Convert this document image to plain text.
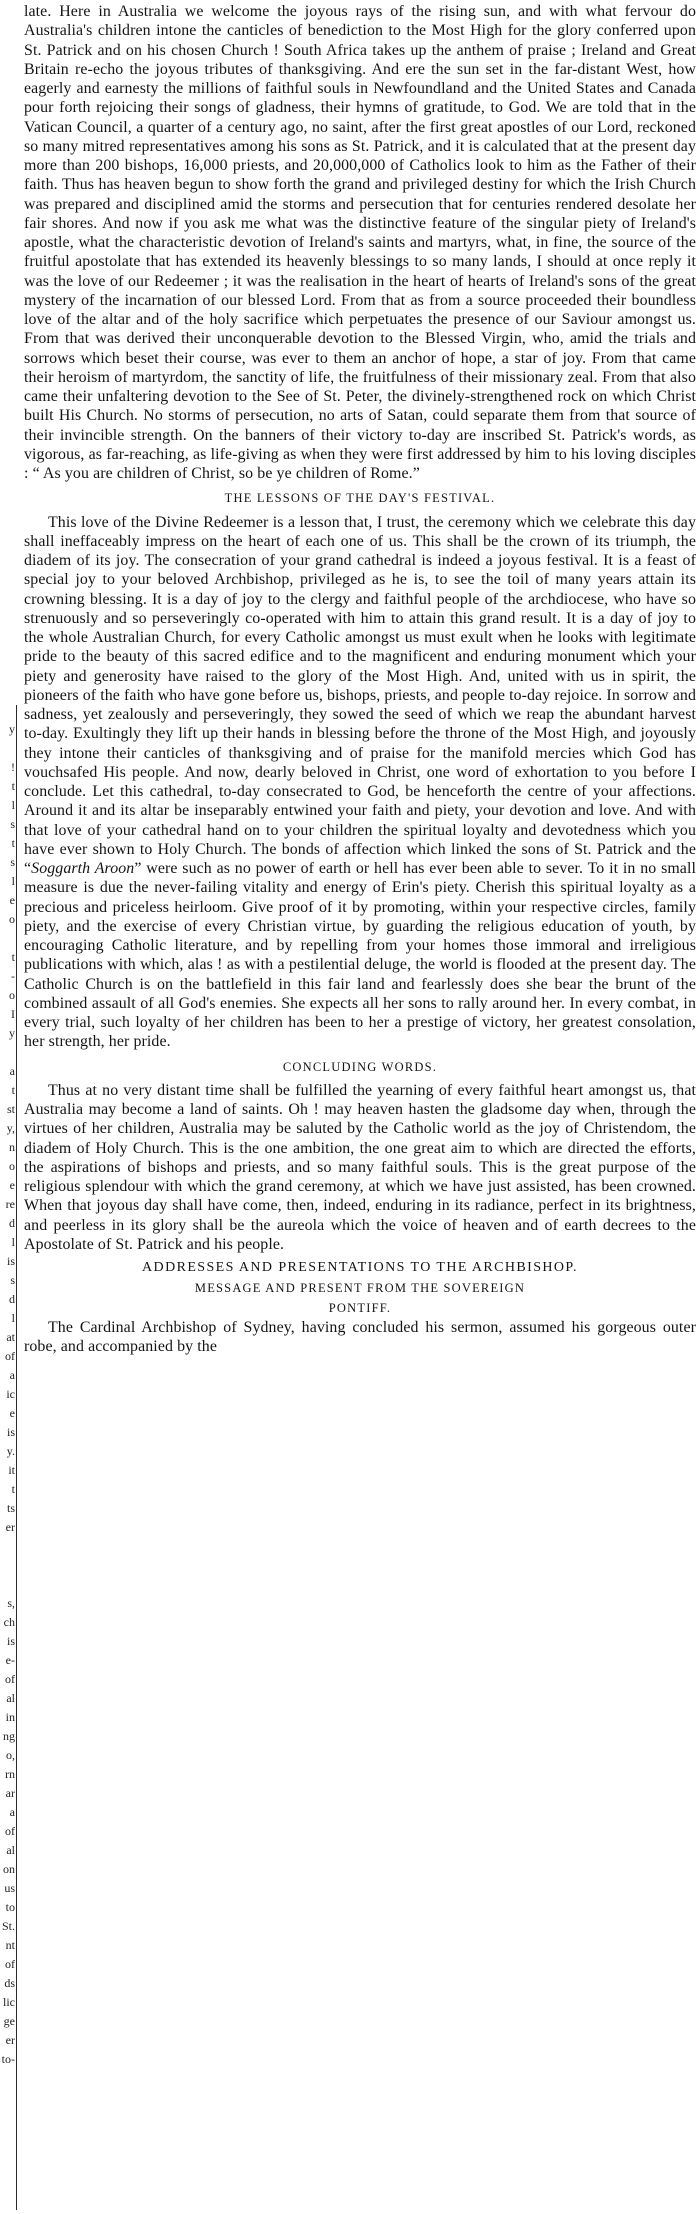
y

!
t
l
s
t
s
l
e
o

t
-
o
I
y

a
t
st
y,
n
o
e
re
d
l
is
s
d
l
at
of
a
ic
e
is
y.
it
t
ts
er

s,
ch
is
e-
of
al
in
ng
o,
rn
ar
a
of
al
on
us
to
St.
nt
of
ds
lic
ge
er
to-

late. Here in Australia we welcome the joyous rays of the rising sun, and with what fervour do Australia's children intone the canticles of benediction to the Most High for the glory conferred upon St. Patrick and on his chosen Church ! South Africa takes up the anthem of praise ; Ireland and Great Britain re-echo the joyous tributes of thanksgiving. And ere the sun set in the far-distant West, how eagerly and earnesty the millions of faithful souls in Newfoundland and the United States and Canada pour forth rejoicing their songs of gladness, their hymns of gratitude, to God. We are told that in the Vatican Council, a quarter of a century ago, no saint, after the first great apostles of our Lord, reckoned so many mitred representatives among his sons as St. Patrick, and it is calculated that at the present day more than 200 bishops, 16,000 priests, and 20,000,000 of Catholics look to him as the Father of their faith. Thus has heaven begun to show forth the grand and privileged destiny for which the Irish Church was prepared and disciplined amid the storms and persecution that for centuries rendered desolate her fair shores. And now if you ask me what was the distinctive feature of the singular piety of Ireland's apostle, what the characteristic devotion of Ireland's saints and martyrs, what, in fine, the source of the fruitful apostolate that has extended its heavenly blessings to so many lands, I should at once reply it was the love of our Redeemer ; it was the realisation in the heart of hearts of Ireland's sons of the great mystery of the incarnation of our blessed Lord. From that as from a source proceeded their boundless love of the altar and of the holy sacrifice which perpetuates the presence of our Saviour amongst us. From that was derived their unconquerable devotion to the Blessed Virgin, who, amid the trials and sorrows which beset their course, was ever to them an anchor of hope, a star of joy. From that came their heroism of martyrdom, the sanctity of life, the fruitfulness of their missionary zeal. From that also came their unfaltering devotion to the See of St. Peter, the divinely-strengthened rock on which Christ built His Church. No storms of persecution, no arts of Satan, could separate them from that source of their invincible strength. On the banners of their victory to-day are inscribed St. Patrick's words, as vigorous, as far-reaching, as life-giving as when they were first addressed by him to his loving disciples : “ As you are children of Christ, so be ye children of Rome.”

THE LESSONS OF THE DAY'S FESTIVAL.

This love of the Divine Redeemer is a lesson that, I trust, the ceremony which we celebrate this day shall ineffaceably impress on the heart of each one of us. This shall be the crown of its triumph, the diadem of its joy. The consecration of your grand cathedral is indeed a joyous festival. It is a feast of special joy to your beloved Archbishop, privileged as he is, to see the toil of many years attain its crowning blessing. It is a day of joy to the clergy and faithful people of the archdiocese, who have so strenuously and so perseveringly co-operated with him to attain this grand result. It is a day of joy to the whole Australian Church, for every Catholic amongst us must exult when he looks with legitimate pride to the beauty of this sacred edifice and to the magnificent and enduring monument which your piety and generosity have raised to the glory of the Most High. And, united with us in spirit, the pioneers of the faith who have gone before us, bishops, priests, and people to-day rejoice. In sorrow and sadness, yet zealously and perseveringly, they sowed the seed of which we reap the abundant harvest to-day. Exultingly they lift up their hands in blessing before the throne of the Most High, and joyously they intone their canticles of thanksgiving and of praise for the manifold mercies which God has vouchsafed His people. And now, dearly beloved in Christ, one word of exhortation to you before I conclude. Let this cathedral, to-day consecrated to God, be henceforth the centre of your affections. Around it and its altar be inseparably entwined your faith and piety, your devotion and love. And with that love of your cathedral hand on to your children the spiritual loyalty and devotedness which you have ever shown to Holy Church. The bonds of affection which linked the sons of St. Patrick and the “Soggarth Aroon” were such as no power of earth or hell has ever been able to sever. To it in no small measure is due the never-failing vitality and energy of Erin's piety. Cherish this spiritual loyalty as a precious and priceless heirloom. Give proof of it by promoting, within your respective circles, family piety, and the exercise of every Christian virtue, by guarding the religious education of youth, by encouraging Catholic literature, and by repelling from your homes those immoral and irreligious publications with which, alas ! as with a pestilential deluge, the world is flooded at the present day. The Catholic Church is on the battlefield in this fair land and fearlessly does she bear the brunt of the combined assault of all God's enemies. She expects all her sons to rally around her. In every combat, in every trial, such loyalty of her children has been to her a prestige of victory, her greatest consolation, her strength, her pride.

CONCLUDING WORDS.

Thus at no very distant time shall be fulfilled the yearning of every faithful heart amongst us, that Australia may become a land of saints. Oh ! may heaven hasten the gladsome day when, through the virtues of her children, Australia may be saluted by the Catholic world as the joy of Christendom, the diadem of Holy Church. This is the one ambition, the one great aim to which are directed the efforts, the aspirations of bishops and priests, and so many faithful souls. This is the great purpose of the religious splendour with which the grand ceremony, at which we have just assisted, has been crowned. When that joyous day shall have come, then, indeed, enduring in its radiance, perfect in its brightness, and peerless in its glory shall be the aureola which the voice of heaven and of earth decrees to the Apostolate of St. Patrick and his people.

ADDRESSES AND PRESENTATIONS TO THE ARCHBISHOP.
MESSAGE AND PRESENT FROM THE SOVEREIGN
PONTIFF.

The Cardinal Archbishop of Sydney, having concluded his sermon, assumed his gorgeous outer robe, and accompanied by the
